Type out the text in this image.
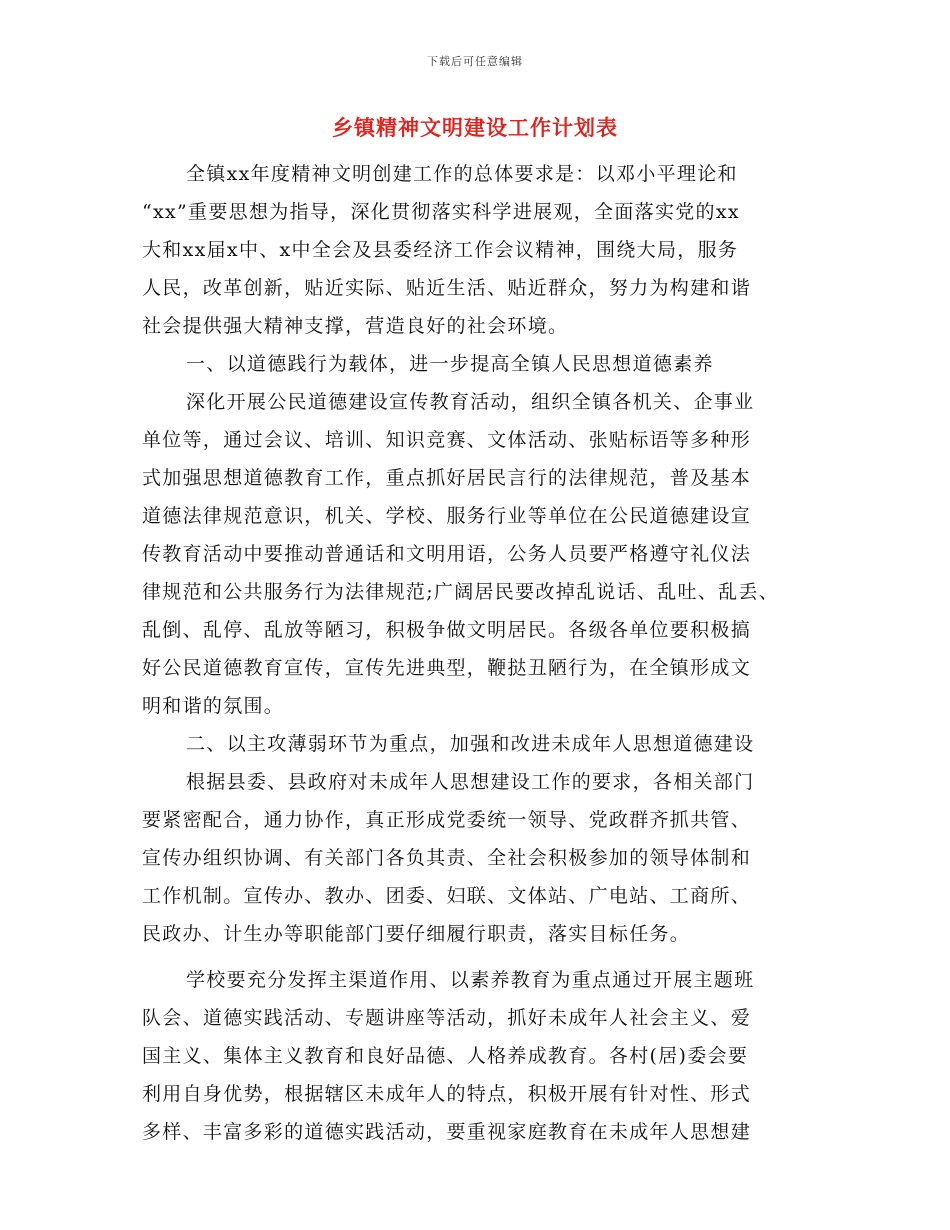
下载后可任意编辑
乡镇精神文明建设工作计划表
全镇xx年度精神文明创建工作的总体要求是：以邓小平理论和
“xx”重要思想为指导，深化贯彻落实科学进展观，全面落实党的xx
大和xx届x中、x中全会及县委经济工作会议精神，围绕大局，服务
人民，改革创新，贴近实际、贴近生活、贴近群众，努力为构建和谐
社会提供强大精神支撑，营造良好的社会环境。
一、以道德践行为载体，进一步提高全镇人民思想道德素养
深化开展公民道德建设宣传教育活动，组织全镇各机关、企事业
单位等，通过会议、培训、知识竞赛、文体活动、张贴标语等多种形
式加强思想道德教育工作，重点抓好居民言行的法律规范，普及基本
道德法律规范意识，机关、学校、服务行业等单位在公民道德建设宣
传教育活动中要推动普通话和文明用语，公务人员要严格遵守礼仪法
律规范和公共服务行为法律规范;广阔居民要改掉乱说话、乱吐、乱丢、
乱倒、乱停、乱放等陋习，积极争做文明居民。各级各单位要积极搞
好公民道德教育宣传，宣传先进典型，鞭挞丑陋行为，在全镇形成文
明和谐的氛围。
二、以主攻薄弱环节为重点，加强和改进未成年人思想道德建设
根据县委、县政府对未成年人思想建设工作的要求，各相关部门
要紧密配合，通力协作，真正形成党委统一领导、党政群齐抓共管、
宣传办组织协调、有关部门各负其责、全社会积极参加的领导体制和
工作机制。宣传办、教办、团委、妇联、文体站、广电站、工商所、
民政办、计生办等职能部门要仔细履行职责，落实目标任务。
学校要充分发挥主渠道作用、以素养教育为重点通过开展主题班
队会、道德实践活动、专题讲座等活动，抓好未成年人社会主义、爱
国主义、集体主义教育和良好品德、人格养成教育。各村(居)委会要
利用自身优势，根据辖区未成年人的特点，积极开展有针对性、形式
多样、丰富多彩的道德实践活动，要重视家庭教育在未成年人思想建
